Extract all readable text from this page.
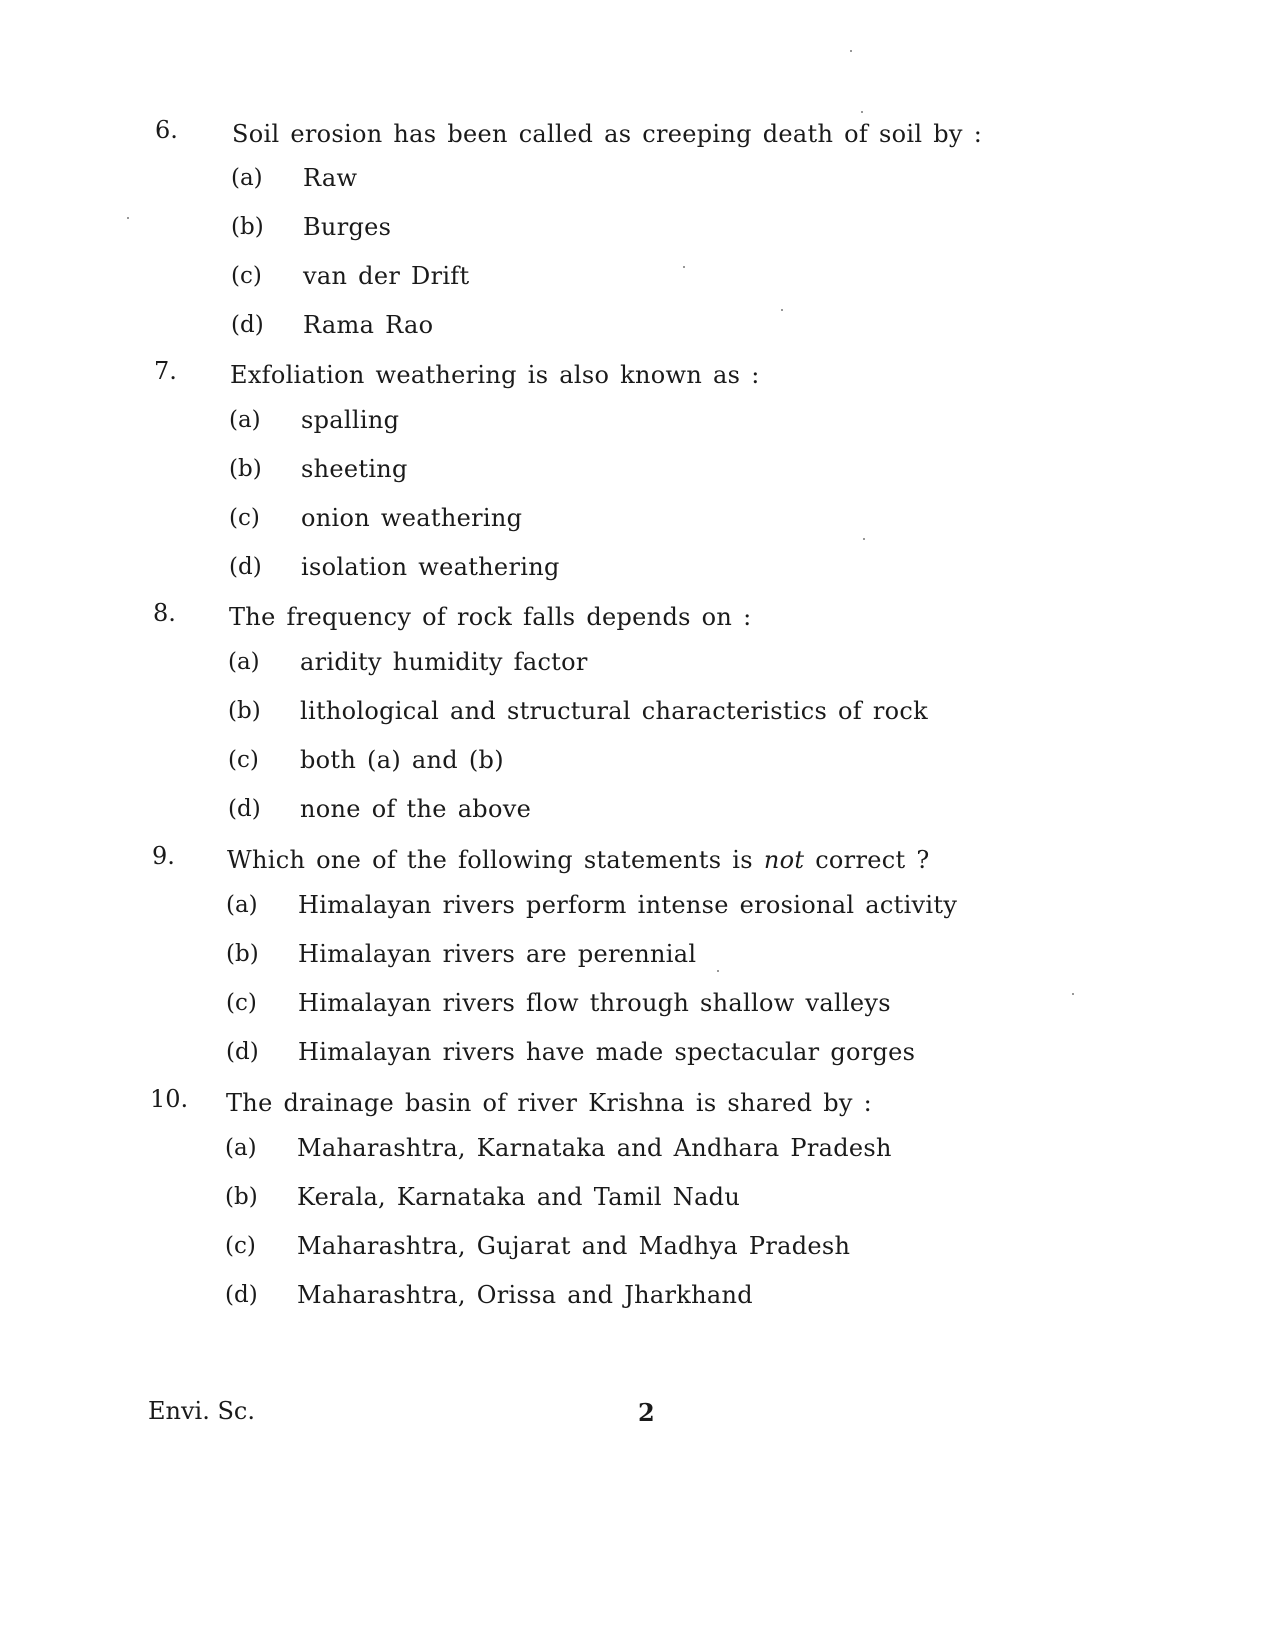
6. Soil erosion has been called as creeping death of soil by :
(a) Raw
(b) Burges
(c) van der Drift
(d) Rama Rao
7. Exfoliation weathering is also known as :
(a) spalling
(b) sheeting
(c) onion weathering
(d) isolation weathering
8. The frequency of rock falls depends on :
(a) aridity humidity factor
(b) lithological and structural characteristics of rock
(c) both (a) and (b)
(d) none of the above
9. Which one of the following statements is not correct ?
(a) Himalayan rivers perform intense erosional activity
(b) Himalayan rivers are perennial
(c) Himalayan rivers flow through shallow valleys
(d) Himalayan rivers have made spectacular gorges
10. The drainage basin of river Krishna is shared by :
(a) Maharashtra, Karnataka and Andhara Pradesh
(b) Kerala, Karnataka and Tamil Nadu
(c) Maharashtra, Gujarat and Madhya Pradesh
(d) Maharashtra, Orissa and Jharkhand
Envi. Sc.	2
